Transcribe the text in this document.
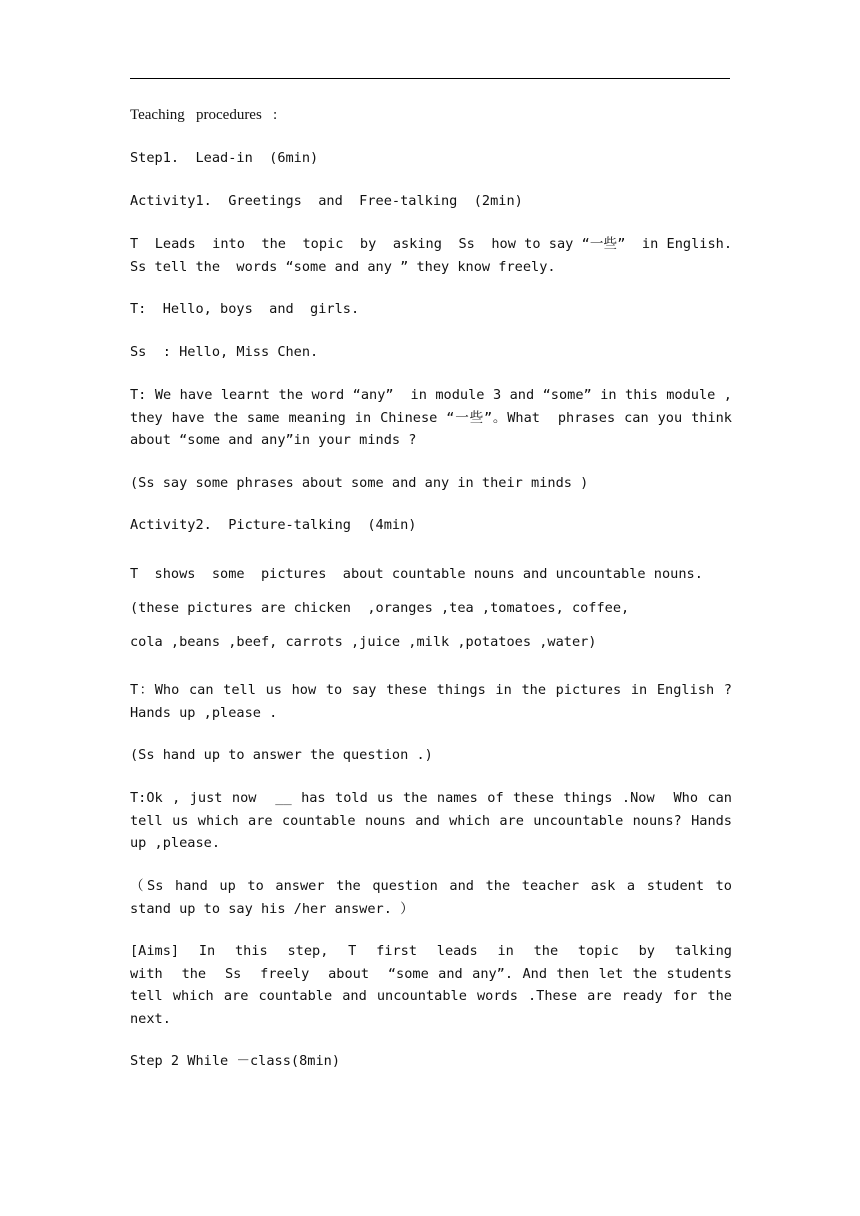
Teaching   procedures   :

Step1.  Lead-in  (6min)

Activity1.  Greetings  and  Free-talking  (2min)

T  Leads  into  the  topic  by  asking  Ss  how to say “一些”  in English. Ss tell the  words “some and any ” they know freely.

T:  Hello, boys  and  girls.

Ss  : Hello, Miss Chen.

T: We have learnt the word “any”  in module 3 and “some” in this module , they have the same meaning in Chinese “一些”。What  phrases can you think about “some and any”in your minds ?

(Ss say some phrases about some and any in their minds )

Activity2.  Picture-talking  (4min)

T  shows  some  pictures  about countable nouns and uncountable nouns.

(these pictures are chicken  ,oranges ,tea ,tomatoes, coffee,

cola ,beans ,beef, carrots ,juice ,milk ,potatoes ,water)

T：Who can tell us how to say these things in the pictures in English ? Hands up ,please .

(Ss hand up to answer the question .)

T:Ok , just now  __ has told us the names of these things .Now  Who can tell us which are countable nouns and which are uncountable nouns? Hands up ,please.

（Ss hand up to answer the question and the teacher ask a student to stand up to say his /her answer. ）

[Aims]  In  this  step,  T  first  leads  in  the  topic  by  talking  with  the  Ss  freely  about  “some and any”. And then let the students tell which are countable and uncountable words .These are ready for the next.

Step 2 While －class(8min)
